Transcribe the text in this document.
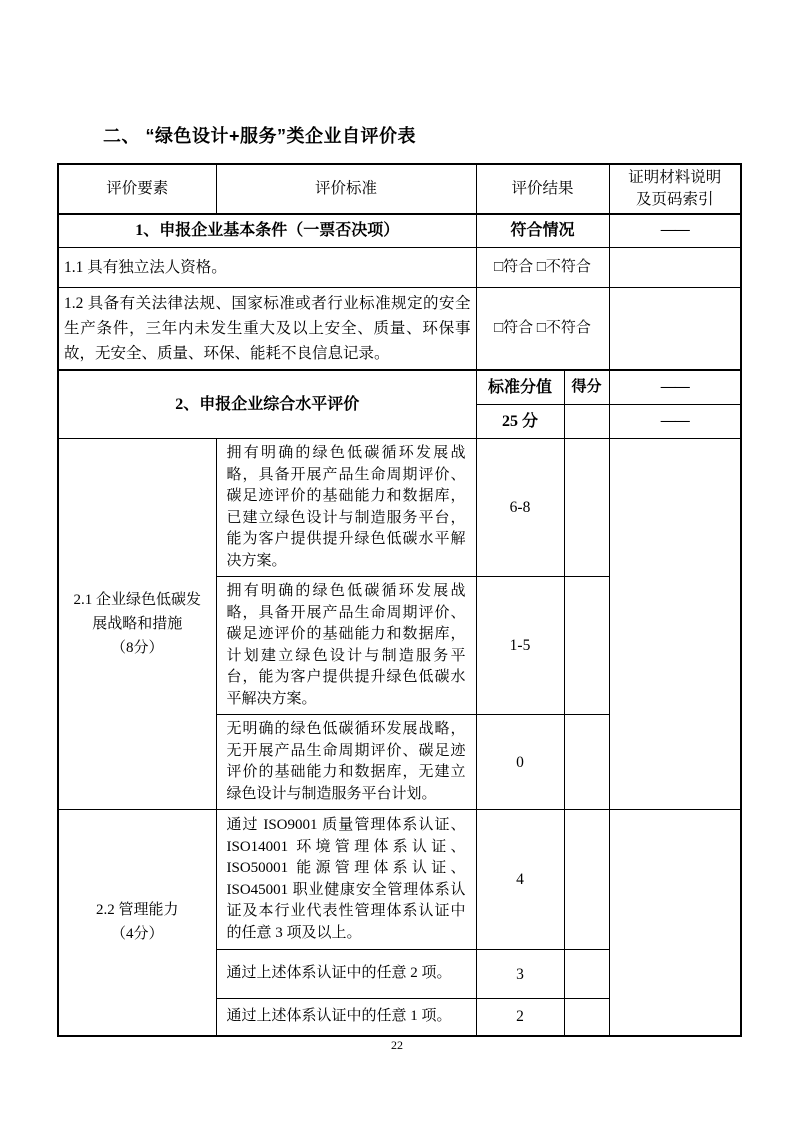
二、 “绿色设计+服务”类企业自评价表
评价要素	评价标准	评价结果		证明材料说明
及页码索引

1、申报企业基本条件（一票否决项）		符合情况		——
1.1 具有独立法人资格。		□符合 □不符合		
1.2 具备有关法律法规、国家标准或者行业标准规定的安全生产条件，三年内未发生重大及以上安全、质量、环保事故，无安全、质量、环保、能耗不良信息记录。		□符合 □不符合		
2、申报企业综合水平评价		标准分值	得分	——
		25 分		——

2.1 企业绿色低碳发展战略和措施
（8分）	拥有明确的绿色低碳循环发展战略，具备开展产品生命周期评价、碳足迹评价的基础能力和数据库，已建立绿色设计与制造服务平台，能为客户提供提升绿色低碳水平解决方案。	6-8		
	拥有明确的绿色低碳循环发展战略，具备开展产品生命周期评价、碳足迹评价的基础能力和数据库，计划建立绿色设计与制造服务平台，能为客户提供提升绿色低碳水平解决方案。	1-5		
	无明确的绿色低碳循环发展战略，无开展产品生命周期评价、碳足迹评价的基础能力和数据库，无建立绿色设计与制造服务平台计划。	0		

2.2 管理能力
（4分）	通过 ISO9001 质量管理体系认证、ISO14001 环境管理体系认证、ISO50001 能源管理体系认证、ISO45001 职业健康安全管理体系认证及本行业代表性管理体系认证中的任意 3 项及以上。	4		
	通过上述体系认证中的任意 2 项。	3		
	通过上述体系认证中的任意 1 项。	2		
22
